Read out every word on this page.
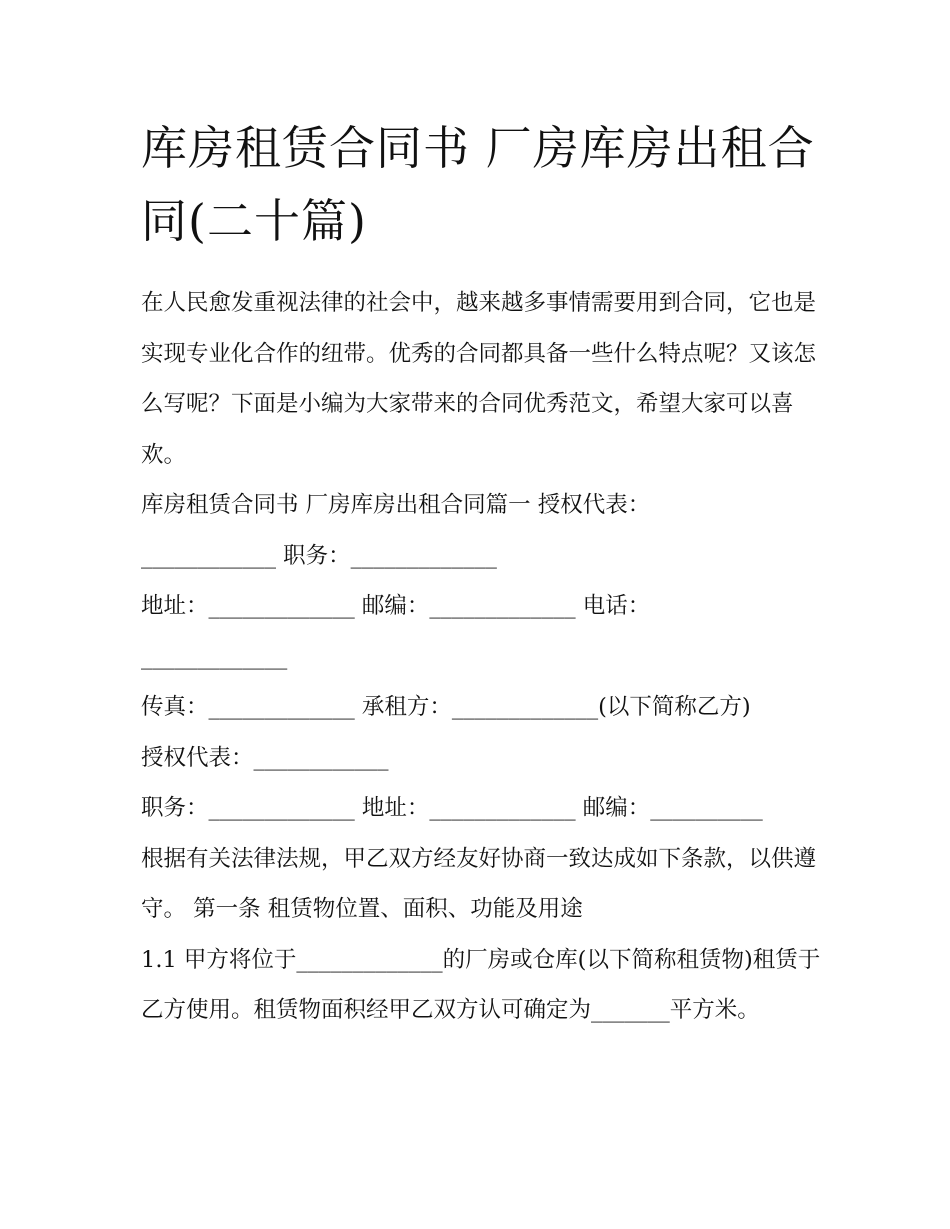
库房租赁合同书 厂房库房出租合同(二十篇)

在人民愈发重视法律的社会中，越来越多事情需要用到合同，它也是实现专业化合作的纽带。优秀的合同都具备一些什么特点呢？又该怎么写呢？下面是小编为大家带来的合同优秀范文，希望大家可以喜欢。

库房租赁合同书 厂房库房出租合同篇一 授权代表：

____________ 职务：_____________

地址：_____________ 邮编：_____________ 电话：

_____________

传真：_____________ 承租方：_____________(以下简称乙方)

授权代表：____________

职务：_____________ 地址：_____________ 邮编：__________

根据有关法律法规，甲乙双方经友好协商一致达成如下条款，以供遵守。 第一条 租赁物位置、面积、功能及用途

1.1 甲方将位于_____________的厂房或仓库(以下简称租赁物)租赁于乙方使用。租赁物面积经甲乙双方认可确定为_______平方米。
